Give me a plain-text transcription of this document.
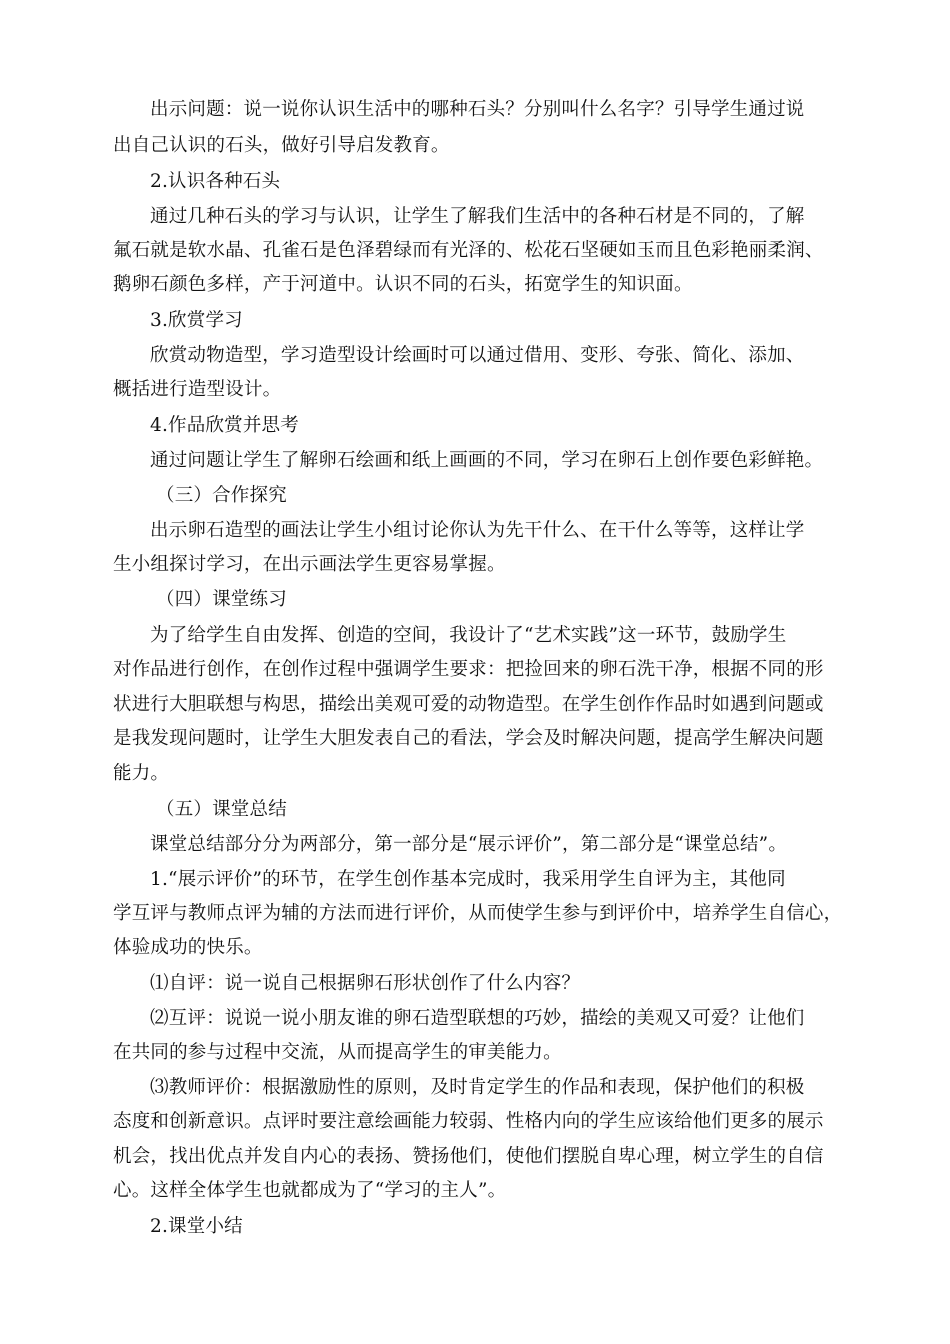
出示问题：说一说你认识生活中的哪种石头？分别叫什么名字？引导学生通过说
出自己认识的石头，做好引导启发教育。
2.认识各种石头
通过几种石头的学习与认识，让学生了解我们生活中的各种石材是不同的，了解
氟石就是软水晶、孔雀石是色泽碧绿而有光泽的、松花石坚硬如玉而且色彩艳丽柔润、
鹅卵石颜色多样，产于河道中。认识不同的石头，拓宽学生的知识面。
3.欣赏学习
欣赏动物造型，学习造型设计绘画时可以通过借用、变形、夸张、简化、添加、
概括进行造型设计。
4.作品欣赏并思考
通过问题让学生了解卵石绘画和纸上画画的不同，学习在卵石上创作要色彩鲜艳。
（三）合作探究
出示卵石造型的画法让学生小组讨论你认为先干什么、在干什么等等，这样让学
生小组探讨学习，在出示画法学生更容易掌握。
（四）课堂练习
为了给学生自由发挥、创造的空间，我设计了“艺术实践”这一环节，鼓励学生
对作品进行创作，在创作过程中强调学生要求：把捡回来的卵石洗干净，根据不同的形
状进行大胆联想与构思，描绘出美观可爱的动物造型。在学生创作作品时如遇到问题或
是我发现问题时，让学生大胆发表自己的看法，学会及时解决问题，提高学生解决问题
能力。
（五）课堂总结
课堂总结部分分为两部分，第一部分是“展示评价”，第二部分是“课堂总结”。
1.“展示评价”的环节，在学生创作基本完成时，我采用学生自评为主，其他同
学互评与教师点评为辅的方法而进行评价，从而使学生参与到评价中，培养学生自信心，
体验成功的快乐。
⑴自评：说一说自己根据卵石形状创作了什么内容？
⑵互评：说说一说小朋友谁的卵石造型联想的巧妙，描绘的美观又可爱？让他们
在共同的参与过程中交流，从而提高学生的审美能力。
⑶教师评价：根据激励性的原则，及时肯定学生的作品和表现，保护他们的积极
态度和创新意识。点评时要注意绘画能力较弱、性格内向的学生应该给他们更多的展示
机会，找出优点并发自内心的表扬、赞扬他们，使他们摆脱自卑心理，树立学生的自信
心。这样全体学生也就都成为了“学习的主人”。
2.课堂小结
